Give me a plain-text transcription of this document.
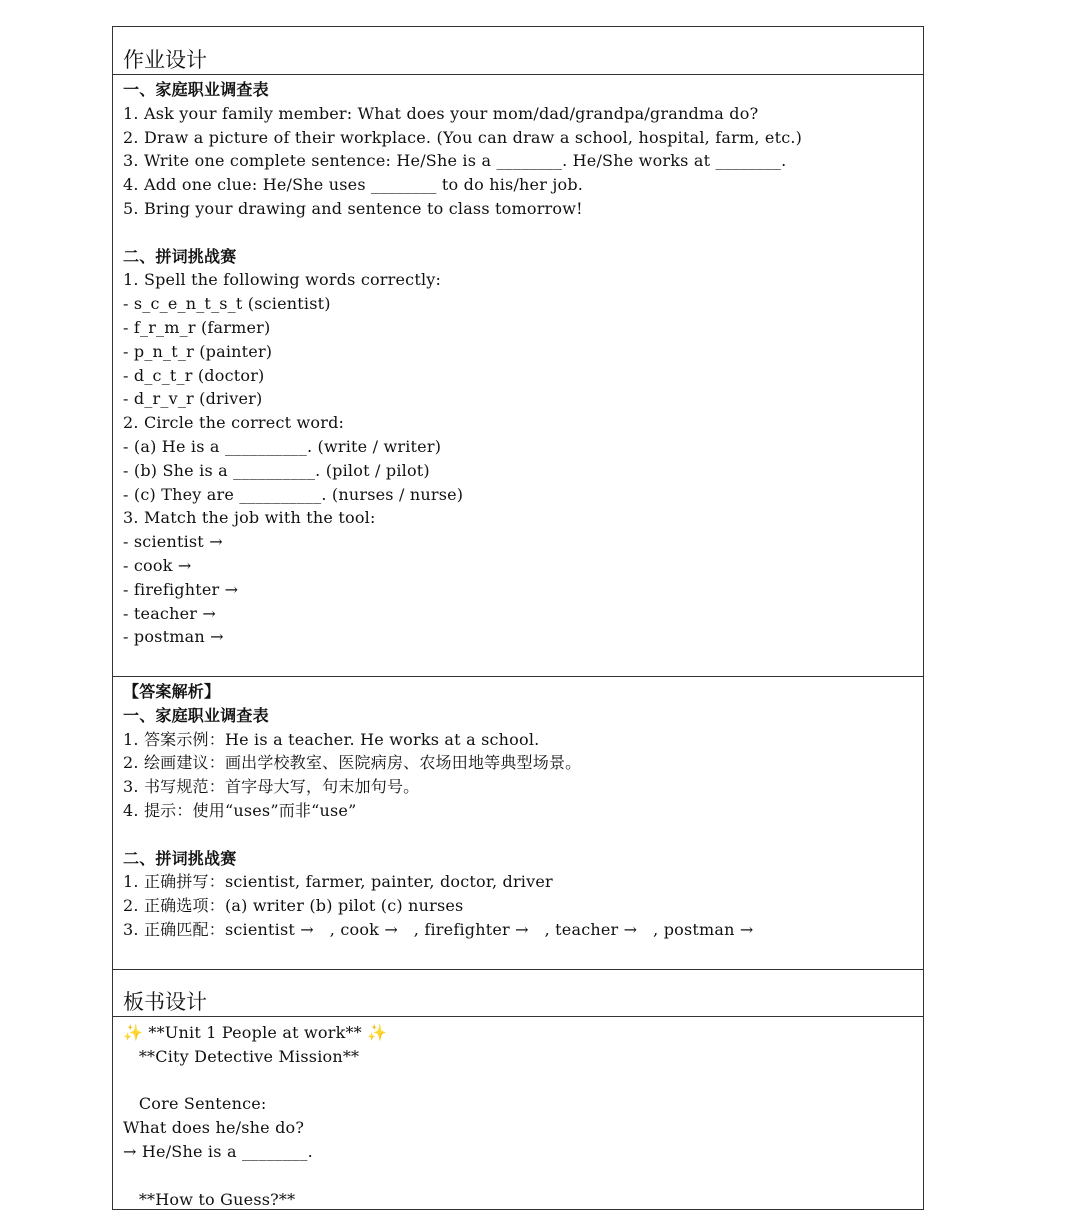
作业设计
一、家庭职业调查表
1. Ask your family member: What does your mom/dad/grandpa/grandma do?
2. Draw a picture of their workplace. (You can draw a school, hospital, farm, etc.)
3. Write one complete sentence: He/She is a ________. He/She works at ________.
4. Add one clue: He/She uses ________ to do his/her job.
5. Bring your drawing and sentence to class tomorrow!
二、拼词挑战赛
1. Spell the following words correctly:
- s_c_e_n_t_s_t (scientist)
- f_r_m_r (farmer)
- p_n_t_r (painter)
- d_c_t_r (doctor)
- d_r_v_r (driver)
2. Circle the correct word:
- (a) He is a __________. (write / writer)
- (b) She is a __________. (pilot / pilot)
- (c) They are __________. (nurses / nurse)
3. Match the job with the tool:
- scientist →
- cook →
- firefighter →
- teacher →
- postman →
【答案解析】
一、家庭职业调查表
1. 答案示例：He is a teacher. He works at a school.
2. 绘画建议：画出学校教室、医院病房、农场田地等典型场景。
3. 书写规范：首字母大写，句末加句号。
4. 提示：使用“uses”而非“use”
二、拼词挑战赛
1. 正确拼写：scientist, farmer, painter, doctor, driver
2. 正确选项：(a) writer (b) pilot (c) nurses
3. 正确匹配：scientist →   , cook →   , firefighter →   , teacher →   , postman →
板书设计
✨ **Unit 1 People at work** ✨
**City Detective Mission**
Core Sentence:
What does he/she do?
→ He/She is a ________.
**How to Guess?**
